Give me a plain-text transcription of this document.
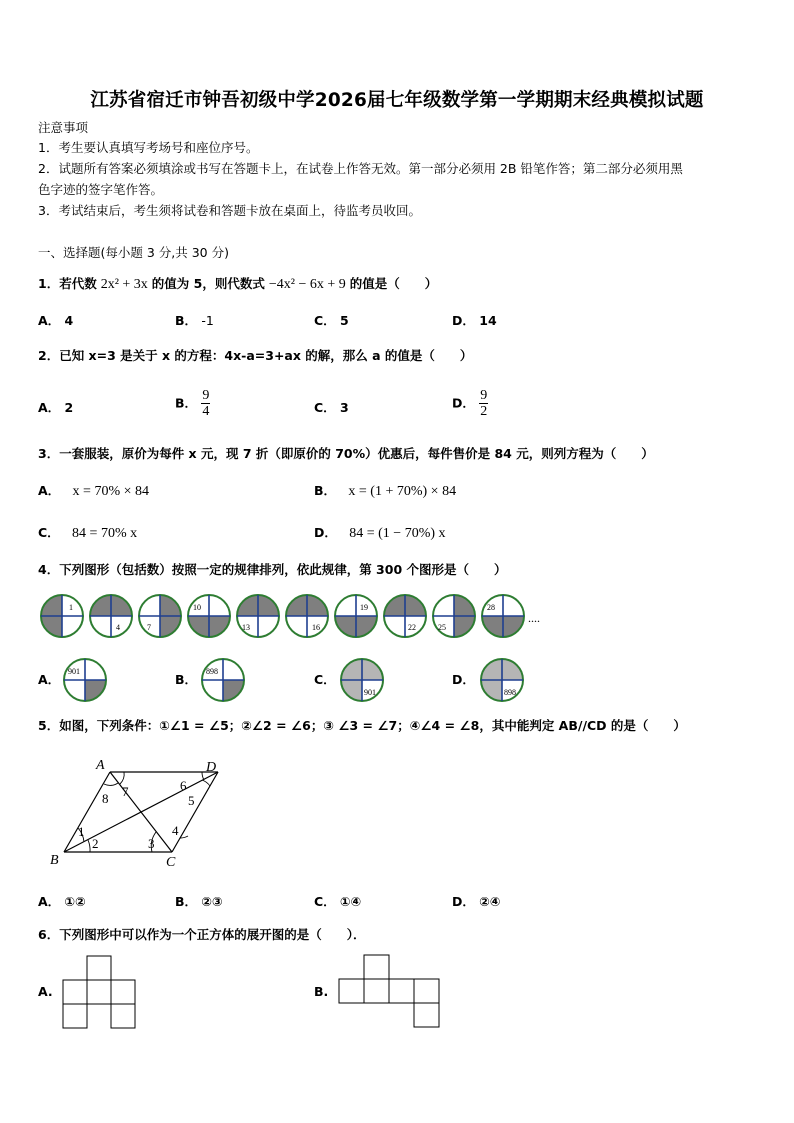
江苏省宿迁市钟吾初级中学2026届七年级数学第一学期期末经典模拟试题
注意事项
1．考生要认真填写考场号和座位序号。
2．试题所有答案必须填涂或书写在答题卡上，在试卷上作答无效。第一部分必须用 2B 铅笔作答；第二部分必须用黑
色字迹的签字笔作答。
3．考试结束后，考生须将试卷和答题卡放在桌面上，待监考员收回。
一、选择题(每小题 3 分,共 30 分)
1．若代数 2x² + 3x 的值为 5，则代数式 −4x² − 6x + 9 的值是（　　）
A． 4	B． -1	C． 5	D． 14
2．已知 x=3 是关于 x 的方程：4x-a=3+ax 的解，那么 a 的值是（　　）
A． 2	B． $\frac{9}{4}$	C． 3	D． $\frac{9}{2}$
3．一套服装，原价为每件 x 元，现 7 折（即原价的 70%）优惠后，每件售价是 84 元，则列方程为（　　）
A． x = 70% × 84	B． x = (1 + 70%) × 84
C． 84 = 70% x	D． 84 = (1 − 70%) x
4．下列图形（包括数）按照一定的规律排列，依此规律，第 300 个图形是（　　）
1
4	7
10
13	16
19
22	25
28
....
A．
901
B．
898
C．
901
D．
898
5．如图，下列条件：①∠1 = ∠5；②∠2 = ∠6；③ ∠3 = ∠7；④∠4 = ∠8，其中能判定 AB//CD 的是（　　）
A	D
B	C
1
2	3
4
5
6
7
8
A． ①②	B． ②③	C． ①④	D． ②④
6．下列图形中可以作为一个正方体的展开图的是（　　）．
A.	B.
